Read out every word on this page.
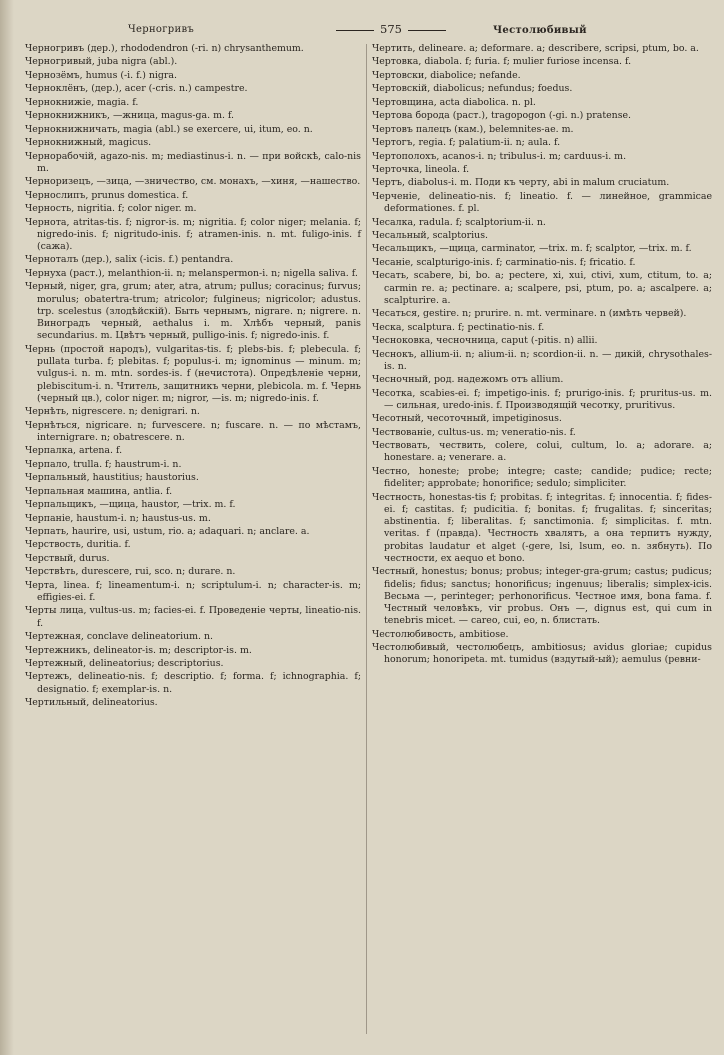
Черногривъ	575	Честолюбивый

Черногривъ (дер.), rhododendron (-ri. n) chrysanthemum.

Черногривый, juba nigra (abl.).

Чернозёмъ, humus (-i. f.) nigra.

Черноклёнъ, (дер.), acer (-cris. n.) campestre.

Чернокнижіе, magia. f.

Чернокнижникъ, —жница, magus-ga. m. f.

Чернокнижничать, magia (abl.) se exercere, ui, itum, eo. n.

Чернокнижный, magicus.

Чернорабочій, agazo-nis. m; mediastinus-i. n. — при войскѣ, calo-nis m.

Черноризецъ, —зица, —зничество, см. монахъ, —хиня, —нашество.

Чернослипъ, prunus domestica. f.

Черность, nigritia. f; color niger. m.

Чернота, atritas-tis. f; nigror-is. m; nigritia. f; color niger; melania. f; nigredo-inis. f; nigritudo-inis. f; atramen-inis. n. mt. fuligo-inis. f (сажа).

Чернoталъ (дер.), salix (-icis. f.) pentandra.

Чернуха (раст.), melanthion-ii. n; melanspermon-i. n; nigella saliva. f.

Черный, niger, gra, grum; ater, atra, atrum; pullus; coracinus; furvus; morulus; obatertra-trum; atricolor; fulgineus; nigricolor; adustus. trp. scelestus (злодѣйскій). Быть чернымъ, nigrare. n; nigrere. n. Виноградъ черный, aethalus i. m. Хлѣбъ черный, panis secundarius. m. Цвѣтъ черный, pulligo-inis. f; nigredo-inis. f.

Чернь (простой народъ), vulgaritas-tis. f; plebs-bis. f; plebecula. f; pullata turba. f; plebitas. f; populus-i. m; ignominus — minum. m; vulgus-i. n. m. mtn. sordes-is. f (нечистота). Опредѣленіе черни, plebiscitum-i. n. Чтитель, защитникъ черни, plebicola. m. f. Чернь (черный цв.), color niger. m; nigror, —is. m; nigredo-inis. f.

Чернѣть, nigrescere. n; denigrari. n.

Чернѣться, nigricare. n; furvescere. n; fuscare. n. — по мѣстамъ, internigrare. n; obatrescere. n.

Черпалка, artena. f.

Черпало, trulla. f; haustrum-i. n.

Черпальный, haustitius; haustorius.

Черпальная машина, antlia. f.

Черпальщикъ, —щица, haustor, —trix. m. f.

Черпаніе, haustum-i. n; haustus-us. m.

Черпать, haurire, usi, ustum, rio. a; adaquari. n; anclare. a.

Черствость, duritia. f.

Черствый, durus.

Черствѣть, durescere, rui, sco. n; durare. n.

Черта, linea. f; lineamentum-i. n; scriptulum-i. n; character-is. m; effigies-ei. f.

Черты лица, vultus-us. m; facies-ei. f. Проведеніе черты, lineatio-nis. f.

Чертежная, conclave delineatorium. n.

Чертежникъ, delineator-is. m; descriptor-is. m.

Чертежный, delineatorius; descriptorius.

Чертежъ, delineatio-nis. f; descriptio. f; forma. f; ichnographia. f; designatio. f; exemplar-is. n.

Чертильный, delineatorius.

Чертить, delineare. a; deformare. a; describere, scripsi, ptum, bo. a.

Чертовка, diabola. f; furia. f; mulier furiose incensa. f.

Чертовски, diabolice; nefande.

Чертовскій, diabolicus; nefundus; foedus.

Чертовщина, acta diabolica. n. pl.

Чертова борода (раст.), tragopogon (-gi. n.) pratense.

Чертовъ палецъ (кам.), belemnites-ae. m.

Чертогъ, regia. f; palatium-ii. n; aula. f.

Чертополохъ, acanos-i. n; tribulus-i. m; carduus-i. m.

Черточка, lineola. f.

Чертъ, diabolus-i. m. Поди къ черту, abi in malum cruciatum.

Черченіе, delineatio-nis. f; lineatio. f. — линейное, grammicae deformationes. f. pl.

Чесалка, radula. f; scalptorium-ii. n.

Чесальный, scalptorius.

Чесальщикъ, —щица, carminator, —trix. m. f; scalptor, —trix. m. f.

Чесаніе, scalpturigo-inis. f; carminatio-nis. f; fricatio. f.

Чесать, scabere, bi, bo. a; pectere, xi, xui, ctivi, xum, ctitum, to. a; carmin re. a; pectinare. a; scalpere, psi, ptum, po. a; ascalpere. a; scalpturire. a.

Чесаться, gestire. n; prurire. n. mt. verminare. n (имѣть червей).

Ческа, scalptura. f; pectinatio-nis. f.

Чесноковка, чесночница, caput (-pitis. n) allii.

Чеснокъ, allium-ii. n; alium-ii. n; scordion-ii. n. — дикій, chrysothales-is. n.

Чесночный, род. надежомъ отъ allium.

Чесотка, scabies-ei. f; impetigo-inis. f; prurigo-inis. f; pruritus-us. m. — сильная, uredo-inis. f. Производящій чесотку, pruritivus.

Чесотный, чесоточный, impetiginosus.

Чествованіе, cultus-us. m; veneratio-nis. f.

Чествовать, чествить, colere, colui, cultum, lo. a; adorare. a; honestare. a; venerare. a.

Честно, honeste; probe; integre; caste; candide; pudice; recte; fideliter; approbate; honorifice; sedulo; simpliciter.

Честность, honestas-tis f; probitas. f; integritas. f; innocentia. f; fides-ei. f; castitas. f; pudicitia. f; bonitas. f; frugalitas. f; sinceritas; abstinentia. f; liberalitas. f; sanctimonia. f; simplicitas. f. mtn. veritas. f (правда). Честность хвалятъ, а она терпитъ нужду, probitas laudatur et alget (-gere, lsi, lsum, eo. n. зябнуть). По честности, ex aequo et bono.

Честный, honestus; bonus; probus; integer-gra-grum; castus; pudicus; fidelis; fidus; sanctus; honorificus; ingenuus; liberalis; simplex-icis. Весьма —, perinteger; perhonorificus. Честное имя, bona fama. f. Честный человѣкъ, vir probus. Онъ —, dignus est, qui cum in tenebris micet. — careo, cui, eo, n. блистать.

Честолюбивость, ambitiose.

Честолюбивый, честолюбецъ, ambitiosus; avidus gloriae; cupidus honorum; honoripeta. mt. tumidus (вздутый-ый); aemulus (ревни-
